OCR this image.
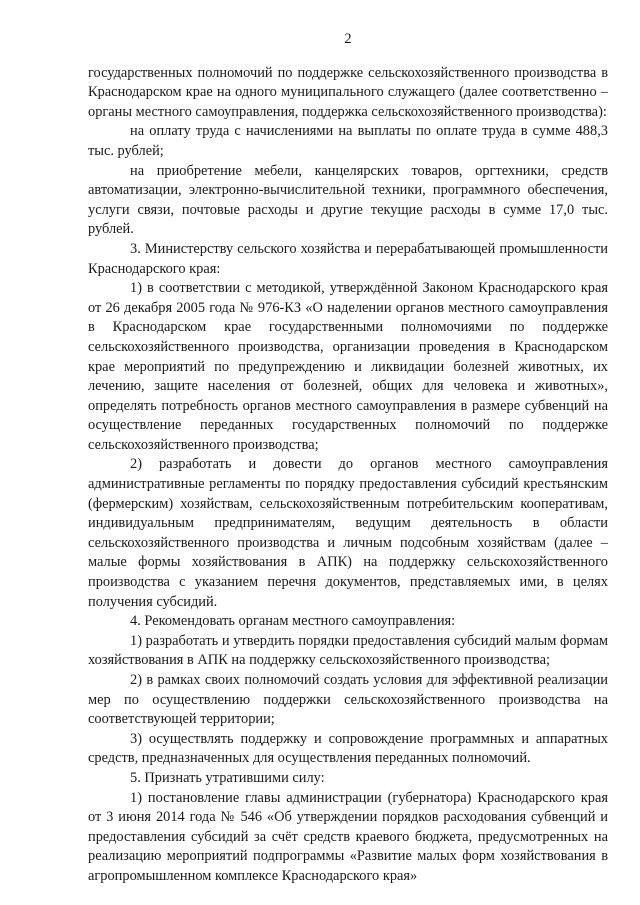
2

государственных полномочий по поддержке сельскохозяйственного производства в Краснодарском крае на одного муниципального служащего (далее соответственно – органы местного самоуправления, поддержка сельскохозяйственного производства):

на оплату труда с начислениями на выплаты по оплате труда в сумме 488,3 тыс. рублей;

на приобретение мебели, канцелярских товаров, оргтехники, средств автоматизации, электронно-вычислительной техники, программного обеспечения, услуги связи, почтовые расходы и другие текущие расходы в сумме 17,0 тыс. рублей.

3. Министерству сельского хозяйства и перерабатывающей промышленности Краснодарского края:

1) в соответствии с методикой, утверждённой Законом Краснодарского края от 26 декабря 2005 года № 976-КЗ «О наделении органов местного самоуправления в Краснодарском крае государственными полномочиями по поддержке сельскохозяйственного производства, организации проведения в Краснодарском крае мероприятий по предупреждению и ликвидации болезней животных, их лечению, защите населения от болезней, общих для человека и животных», определять потребность органов местного самоуправления в размере субвенций на осуществление переданных государственных полномочий по поддержке сельскохозяйственного производства;

2) разработать и довести до органов местного самоуправления административные регламенты по порядку предоставления субсидий крестьянским (фермерским) хозяйствам, сельскохозяйственным потребительским кооперативам, индивидуальным предпринимателям, ведущим деятельность в области сельскохозяйственного производства и личным подсобным хозяйствам (далее – малые формы хозяйствования в АПК) на поддержку сельскохозяйственного производства с указанием перечня документов, представляемых ими, в целях получения субсидий.

4. Рекомендовать органам местного самоуправления:

1) разработать и утвердить порядки предоставления субсидий малым формам хозяйствования в АПК на поддержку сельскохозяйственного производства;

2) в рамках своих полномочий создать условия для эффективной реализации мер по осуществлению поддержки сельскохозяйственного производства на соответствующей территории;

3) осуществлять поддержку и сопровождение программных и аппаратных средств, предназначенных для осуществления переданных полномочий.

5. Признать утратившими силу:

1) постановление главы администрации (губернатора) Краснодарского края от 3 июня 2014 года № 546 «Об утверждении порядков расходования субвенций и предоставления субсидий за счёт средств краевого бюджета, предусмотренных на реализацию мероприятий подпрограммы «Развитие малых форм хозяйствования в агропромышленном комплексе Краснодарского края»
